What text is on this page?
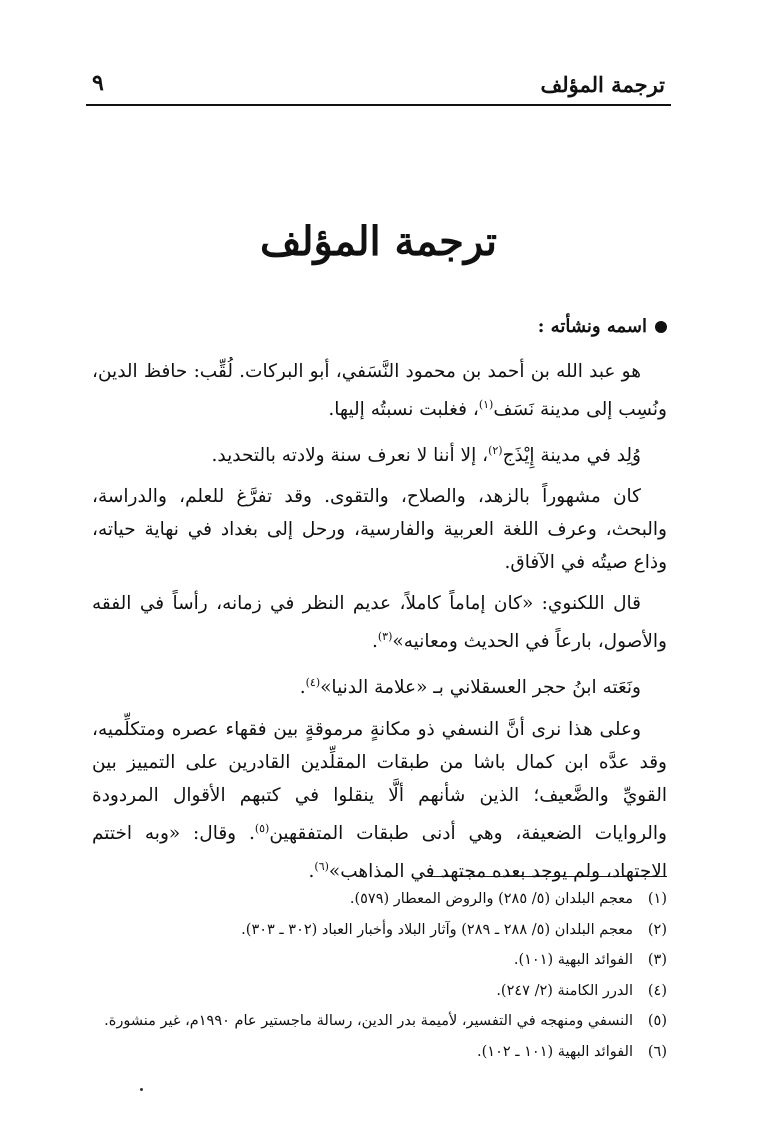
ترجمة المؤلف
٩
ترجمة المؤلف
اسمه ونشأته :

هو عبد الله بن أحمد بن محمود النَّسَفي، أبو البركات. لُقِّب: حافظ الدين، ونُسِب إلى مدينة نَسَف$^{(١)}$، فغلبت نسبتُه إليها.

وُلِد في مدينة إِيْذَج$^{(٢)}$، إلا أننا لا نعرف سنة ولادته بالتحديد.

كان مشهوراً بالزهد، والصلاح، والتقوى. وقد تفرَّغ للعلم، والدراسة، والبحث، وعرف اللغة العربية والفارسية، ورحل إلى بغداد في نهاية حياته، وذاع صيتُه في الآفاق.

قال اللكنوي: «كان إماماً كاملاً، عديم النظر في زمانه، رأساً في الفقه والأصول، بارعاً في الحديث ومعانيه»$^{(٣)}$.

ونَعَته ابنُ حجر العسقلاني بـ «علامة الدنيا»$^{(٤)}$.

وعلى هذا نرى أنَّ النسفي ذو مكانةٍ مرموقةٍ بين فقهاء عصره ومتكلِّميه، وقد عدَّه ابن كمال باشا من طبقات المقلِّدين القادرين على التمييز بين القويِّ والضَّعيف؛ الذين شأنهم ألَّا ينقلوا في كتبهم الأقوال المردودة والروايات الضعيفة، وهي أدنى طبقات المتفقهين$^{(٥)}$. وقال: «وبه اختتم الاجتهاد، ولم يوجد بعده مجتهد في المذاهب»$^{(٦)}$.

(١)
معجم البلدان (٥/ ٢٨٥) والروض المعطار (٥٧٩).
(٢)
معجم البلدان (٥/ ٢٨٨ ـ ٢٨٩) وآثار البلاد وأخبار العباد (٣٠٢ ـ ٣٠٣).
(٣)
الفوائد البهية (١٠١).
(٤)
الدرر الكامنة (٢/ ٢٤٧).
(٥)
النسفي ومنهجه في التفسير، لأميمة بدر الدين، رسالة ماجستير عام ١٩٩٠م، غير منشورة.
(٦)
الفوائد البهية (١٠١ ـ ١٠٢).
